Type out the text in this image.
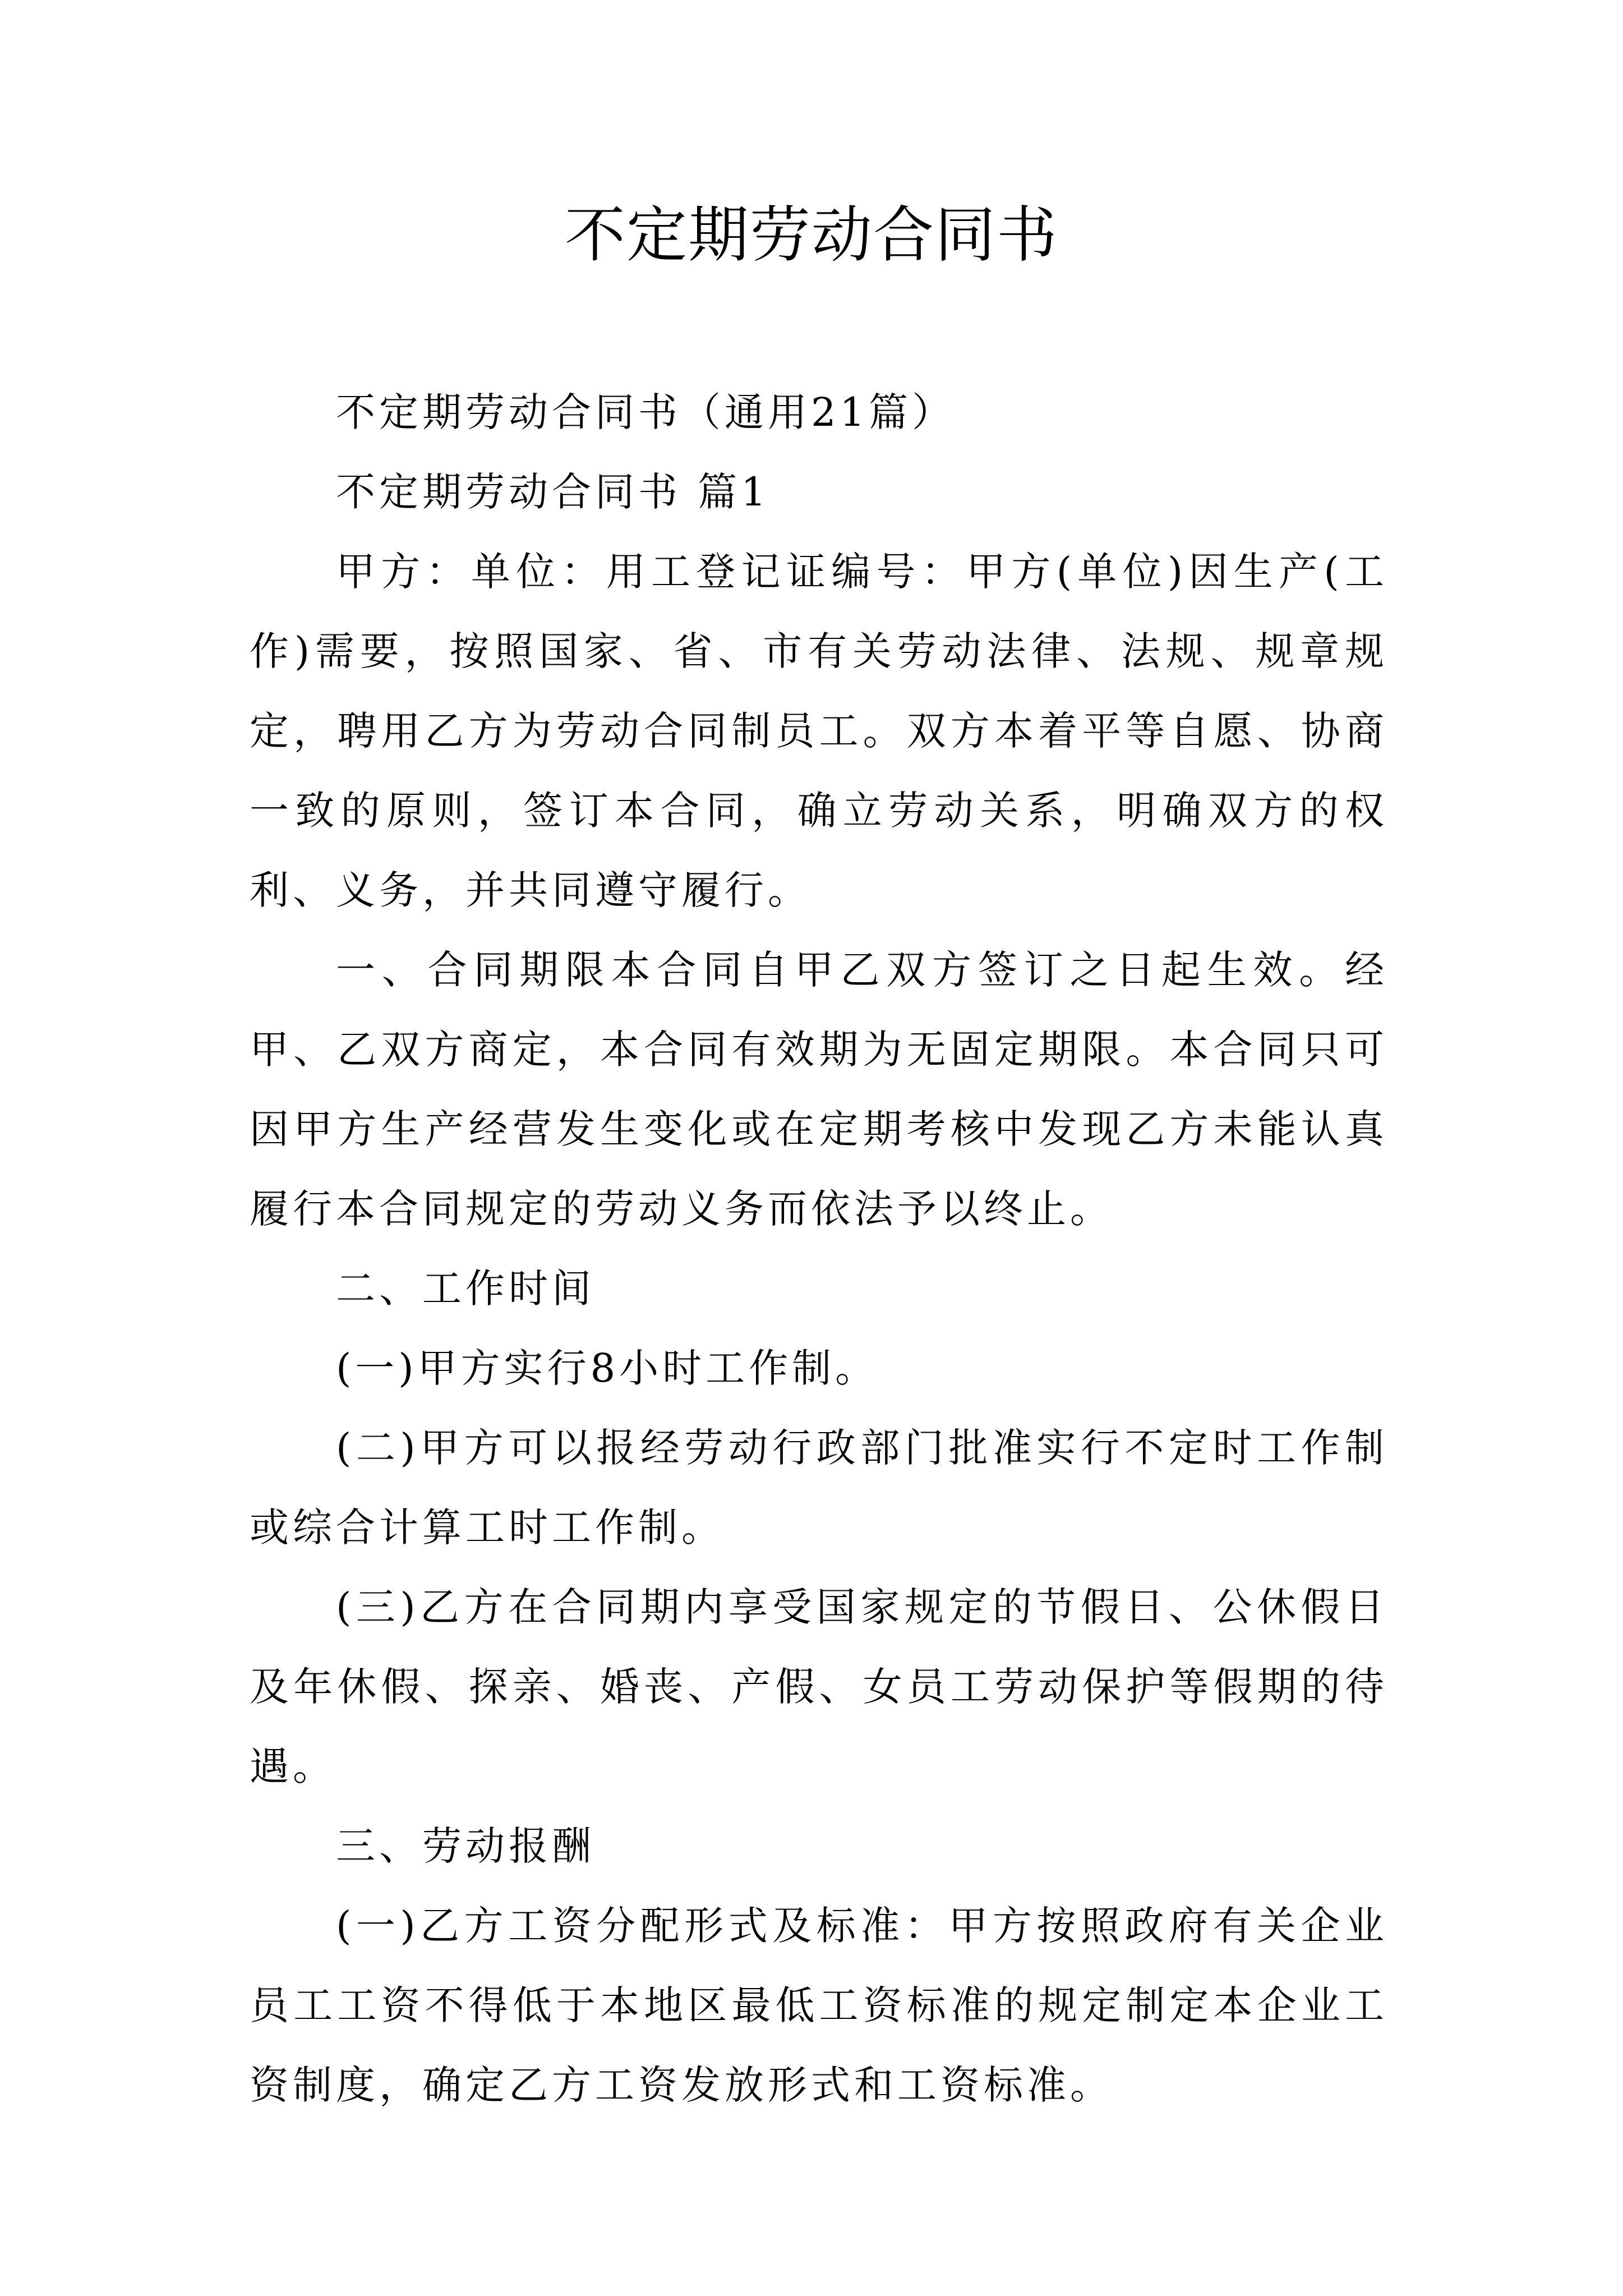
不定期劳动合同书

不定期劳动合同书（通用21篇）

不定期劳动合同书 篇1

甲方：单位：用工登记证编号：甲方(单位)因生产(工作)需要，按照国家、省、市有关劳动法律、法规、规章规定，聘用乙方为劳动合同制员工。双方本着平等自愿、协商一致的原则，签订本合同，确立劳动关系，明确双方的权利、义务，并共同遵守履行。

一、合同期限本合同自甲乙双方签订之日起生效。经甲、乙双方商定，本合同有效期为无固定期限。本合同只可因甲方生产经营发生变化或在定期考核中发现乙方未能认真履行本合同规定的劳动义务而依法予以终止。

二、工作时间

(一)甲方实行8小时工作制。

(二)甲方可以报经劳动行政部门批准实行不定时工作制或综合计算工时工作制。

(三)乙方在合同期内享受国家规定的节假日、公休假日及年休假、探亲、婚丧、产假、女员工劳动保护等假期的待遇。

三、劳动报酬

(一)乙方工资分配形式及标准：甲方按照政府有关企业员工工资不得低于本地区最低工资标准的规定制定本企业工资制度，确定乙方工资发放形式和工资标准。
